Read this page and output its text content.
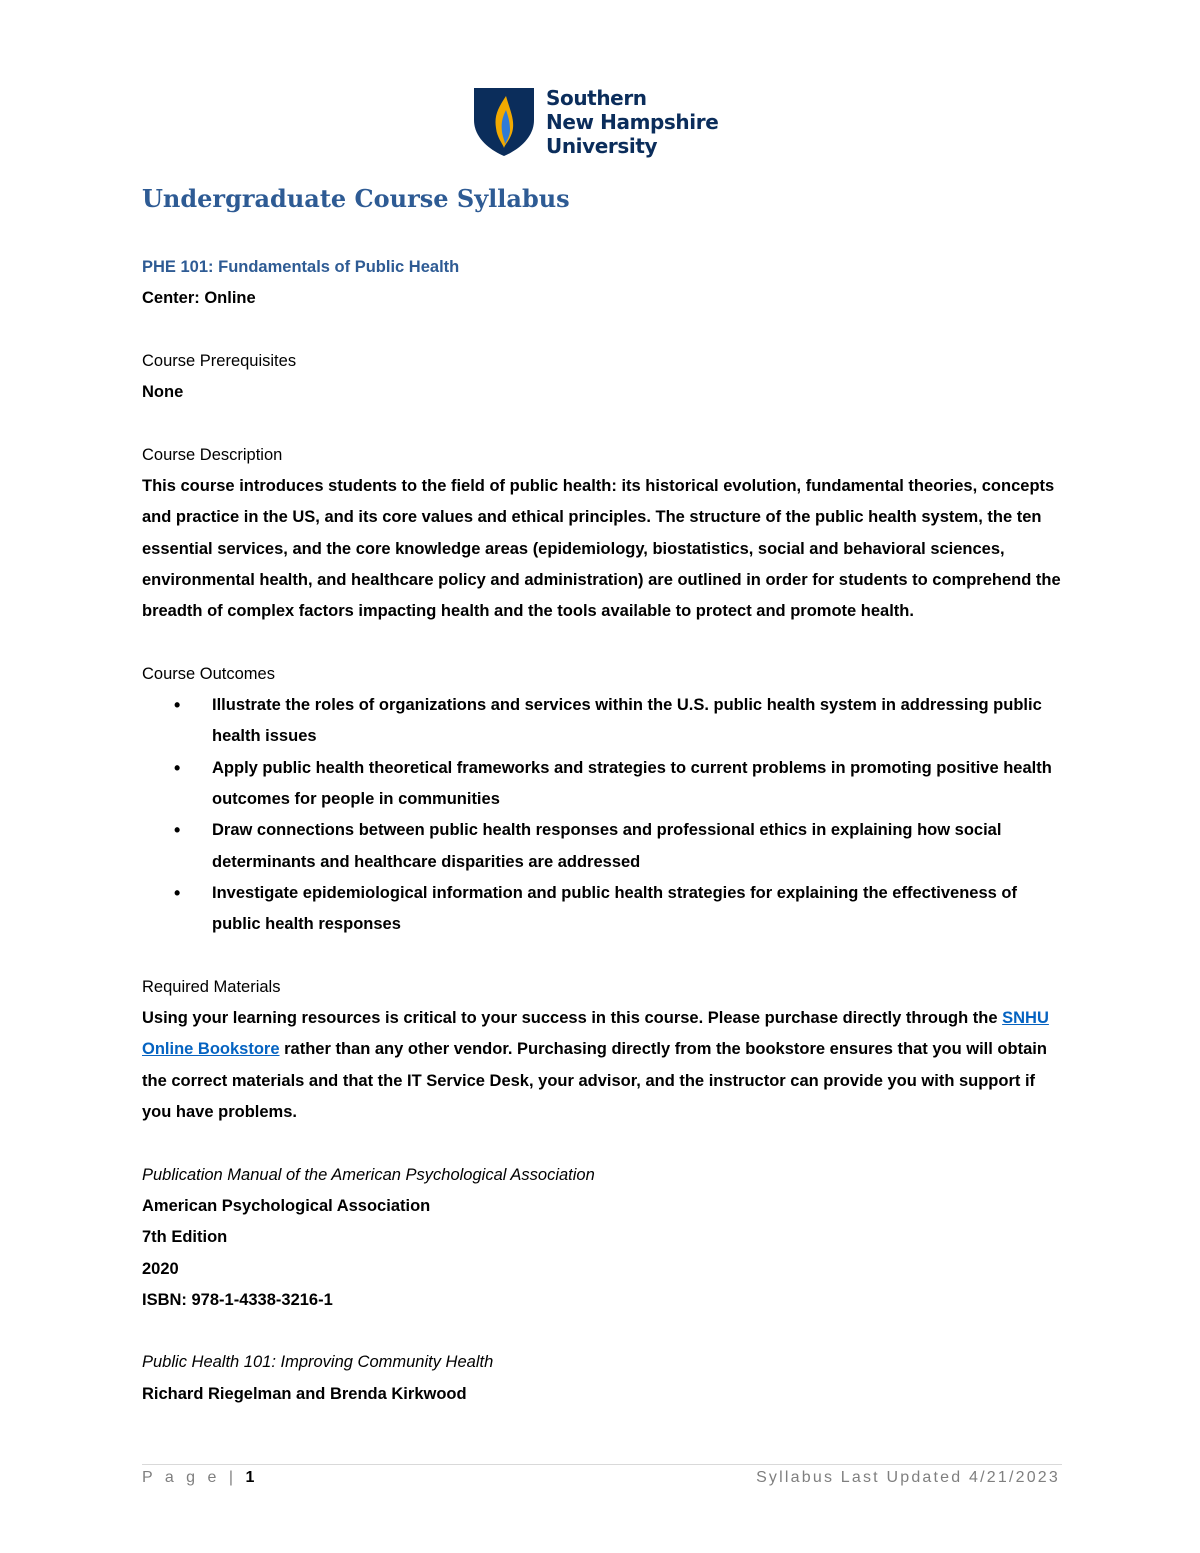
Southern
New Hampshire
University
Undergraduate Course Syllabus

PHE 101: Fundamentals of Public Health

Center: Online

Course Prerequisites

None

Course Description

This course introduces students to the field of public health: its historical evolution, fundamental theories, concepts and practice in the US, and its core values and ethical principles. The structure of the public health system, the ten essential services, and the core knowledge areas (epidemiology, biostatistics, social and behavioral sciences, environmental health, and healthcare policy and administration) are outlined in order for students to comprehend the breadth of complex factors impacting health and the tools available to protect and promote health.

Course Outcomes

• Illustrate the roles of organizations and services within the U.S. public health system in addressing public health issues
• Apply public health theoretical frameworks and strategies to current problems in promoting positive health outcomes for people in communities
• Draw connections between public health responses and professional ethics in explaining how social determinants and healthcare disparities are addressed
• Investigate epidemiological information and public health strategies for explaining the effectiveness of public health responses

Required Materials

Using your learning resources is critical to your success in this course. Please purchase directly through the SNHU Online Bookstore rather than any other vendor. Purchasing directly from the bookstore ensures that you will obtain the correct materials and that the IT Service Desk, your advisor, and the instructor can provide you with support if you have problems.

Publication Manual of the American Psychological Association

American Psychological Association

7th Edition

2020

ISBN: 978-1-4338-3216-1

Public Health 101: Improving Community Health

Richard Riegelman and Brenda Kirkwood

P a g e | 1	Syllabus Last Updated 4/21/2023
